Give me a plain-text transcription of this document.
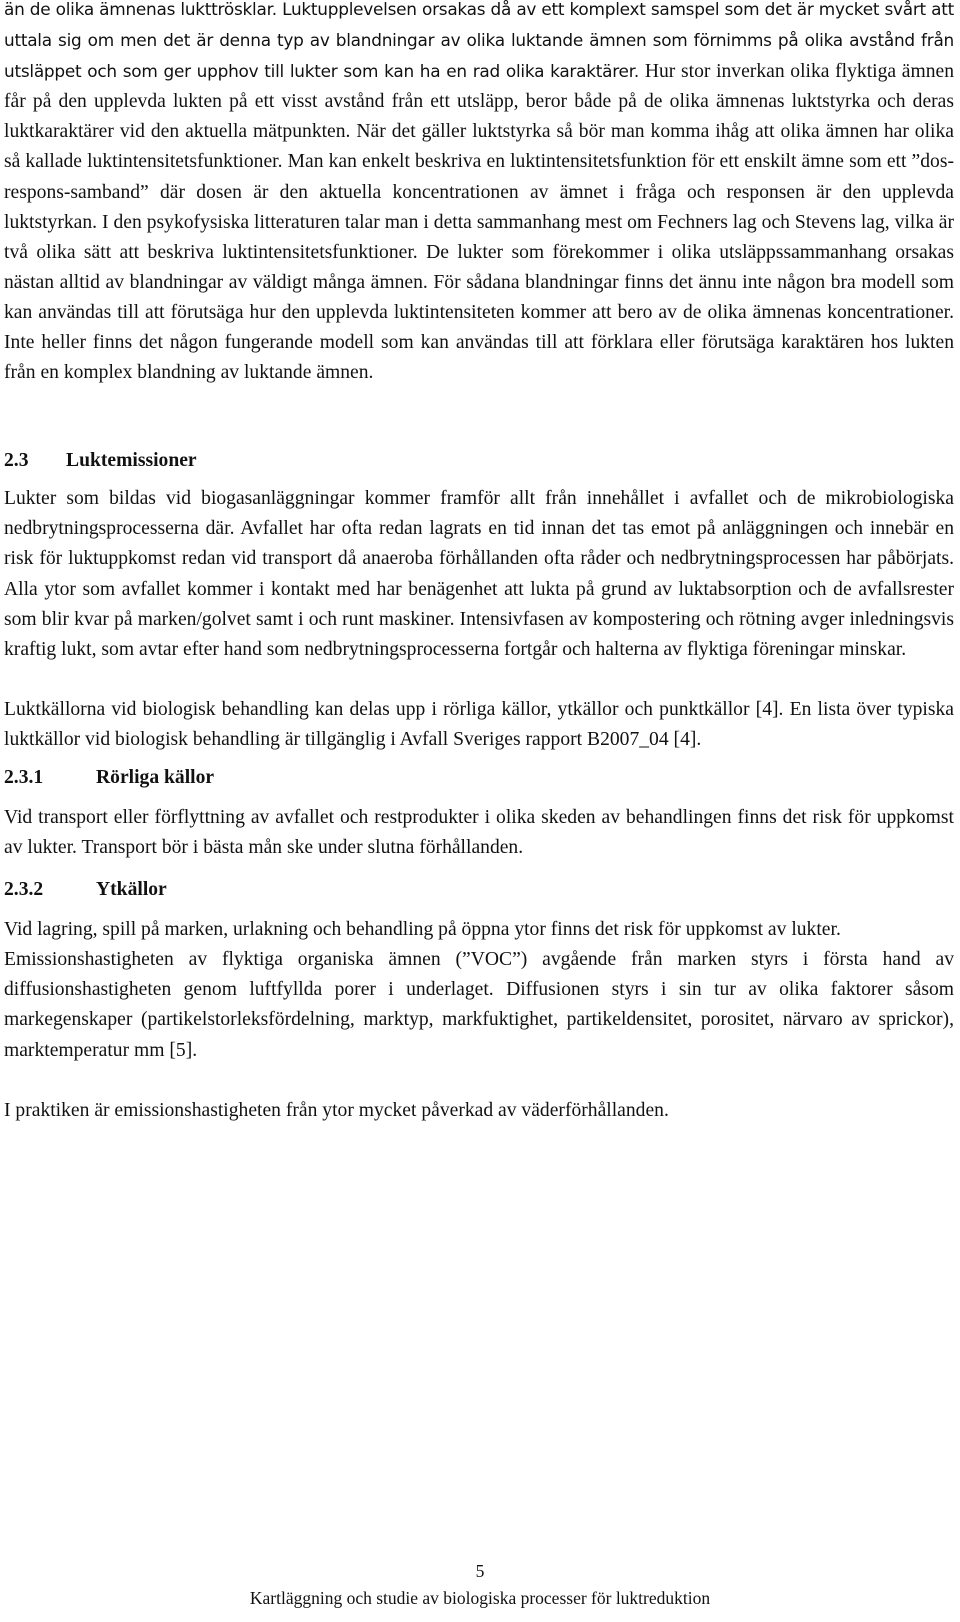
än de olika ämnenas lukttrösklar. Luktupplevelsen orsakas då av ett komplext samspel som det är mycket svårt att uttala sig om men det är denna typ av blandningar av olika luktande ämnen som förnimms på olika avstånd från utsläppet och som ger upphov till lukter som kan ha en rad olika karaktärer. Hur stor inverkan olika flyktiga ämnen får på den upplevda lukten på ett visst avstånd från ett utsläpp, beror både på de olika ämnenas luktstyrka och deras luktkaraktärer vid den aktuella mätpunkten. När det gäller luktstyrka så bör man komma ihåg att olika ämnen har olika så kallade luktintensitetsfunktioner. Man kan enkelt beskriva en luktintensitetsfunktion för ett enskilt ämne som ett ”dos-respons-samband” där dosen är den aktuella koncentrationen av ämnet i fråga och responsen är den upplevda luktstyrkan. I den psykofysiska litteraturen talar man i detta sammanhang mest om Fechners lag och Stevens lag, vilka är två olika sätt att beskriva luktintensitetsfunktioner. De lukter som förekommer i olika utsläppssammanhang orsakas nästan alltid av blandningar av väldigt många ämnen. För sådana blandningar finns det ännu inte någon bra modell som kan användas till att förutsäga hur den upplevda luktintensiteten kommer att bero av de olika ämnenas koncentrationer. Inte heller finns det någon fungerande modell som kan användas till att förklara eller förutsäga karaktären hos lukten från en komplex blandning av luktande ämnen.

2.3 Luktemissioner

Lukter som bildas vid biogasanläggningar kommer framför allt från innehållet i avfallet och de mikrobiologiska nedbrytningsprocesserna där. Avfallet har ofta redan lagrats en tid innan det tas emot på anläggningen och innebär en risk för luktuppkomst redan vid transport då anaeroba förhållanden ofta råder och nedbrytningsprocessen har påbörjats. Alla ytor som avfallet kommer i kontakt med har benägenhet att lukta på grund av luktabsorption och de avfallsrester som blir kvar på marken/golvet samt i och runt maskiner. Intensivfasen av kompostering och rötning avger inledningsvis kraftig lukt, som avtar efter hand som nedbrytningsprocesserna fortgår och halterna av flyktiga föreningar minskar.

Luktkällorna vid biologisk behandling kan delas upp i rörliga källor, ytkällor och punktkällor [4]. En lista över typiska luktkällor vid biologisk behandling är tillgänglig i Avfall Sveriges rapport B2007_04 [4].

2.3.1	Rörliga källor

Vid transport eller förflyttning av avfallet och restprodukter i olika skeden av behandlingen finns det risk för uppkomst av lukter. Transport bör i bästa mån ske under slutna förhållanden.

2.3.2	Ytkällor

Vid lagring, spill på marken, urlakning och behandling på öppna ytor finns det risk för uppkomst av lukter.

Emissionshastigheten av flyktiga organiska ämnen (”VOC”) avgående från marken styrs i första hand av diffusionshastigheten genom luftfyllda porer i underlaget. Diffusionen styrs i sin tur av olika faktorer såsom markegenskaper (partikelstorleksfördelning, marktyp, markfuktighet, partikeldensitet, porositet, närvaro av sprickor), marktemperatur mm [5].

I praktiken är emissionshastigheten från ytor mycket påverkad av väderförhållanden.

5
Kartläggning och studie av biologiska processer för luktreduktion
